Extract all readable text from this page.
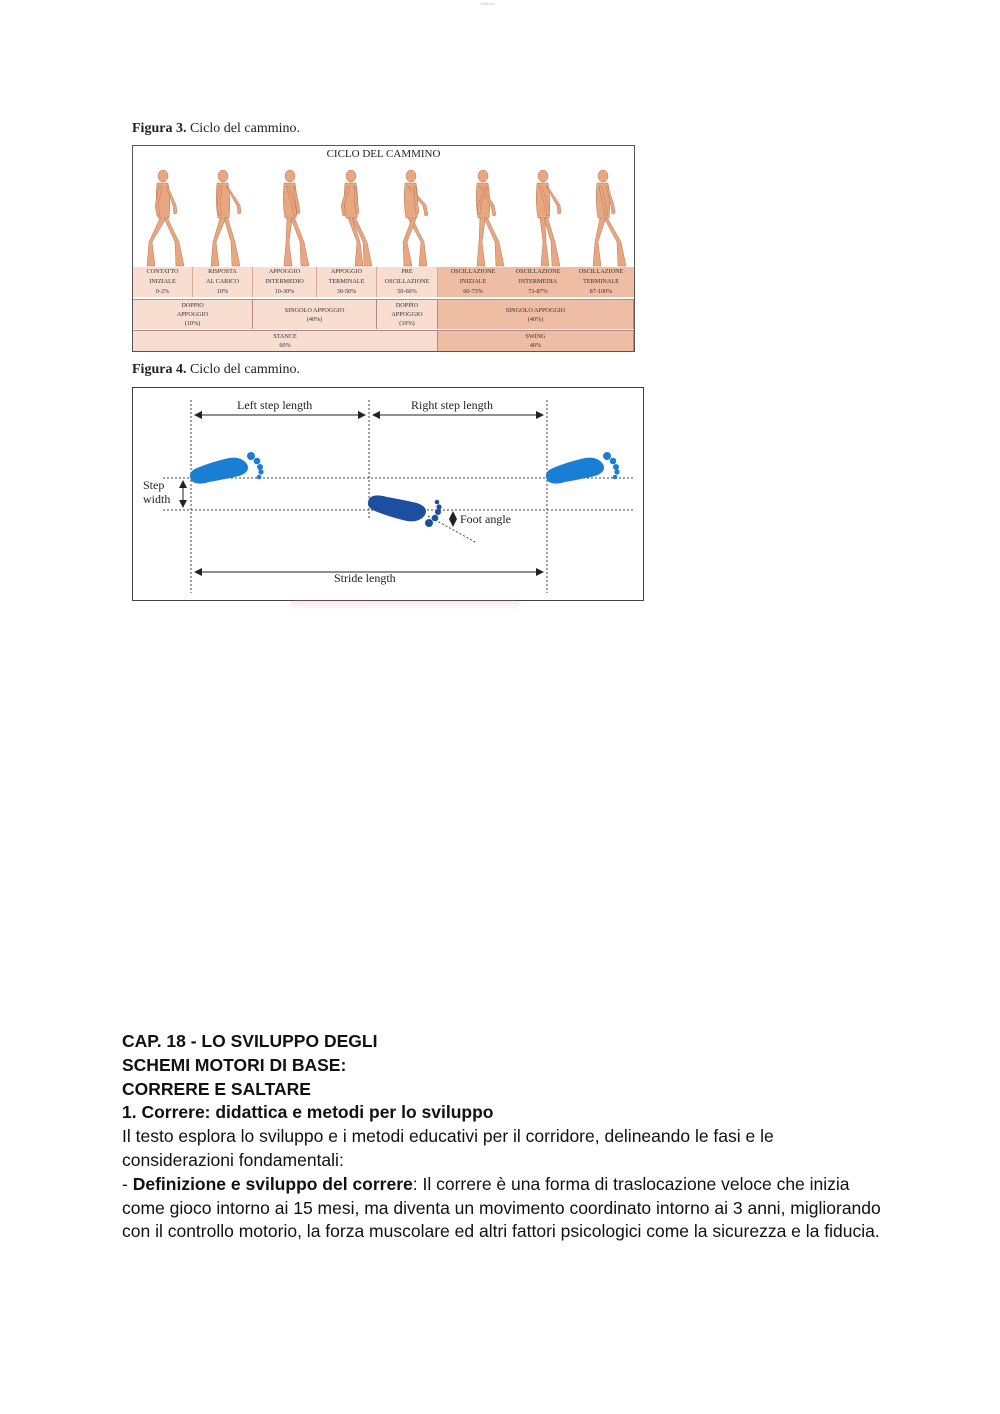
Studocu
Figura 3. Ciclo del cammino.
CICLO DEL CAMMINO
CONTATTO
INIZIALE
0-2%
RISPOSTA
AL CARICO
10%
APPOGGIO
INTERMEDIO
10-30%
APPOGGIO
TERMINALE
30-50%
PRE
OSCILLAZIONE
50-60%
OSCILLAZIONE
INIZIALE
60-73%
OSCILLAZIONE
INTERMEDIA
73-87%
OSCILLAZIONE
TERMINALE
87-100%
DOPPIO
APPOGGIO
(10%)
SINGOLO APPOGGIO
(40%)
DOPPIO
APPOGGIO
(10%)
SINGOLO APPOGGIO
(40%)
STANCE
60%
SWING
40%
Figura 4. Ciclo del cammino.
Left step length	Right step length
Step
width
Foot angle
Stride length
CAP. 18 - LO SVILUPPO DEGLI
SCHEMI MOTORI DI BASE:
CORRERE E SALTARE
1. Correre: didattica e metodi per lo sviluppo

Il testo esplora lo sviluppo e i metodi educativi per il corridore, delineando le fasi e le considerazioni fondamentali:

- Definizione e sviluppo del correre: Il correre è una forma di traslocazione veloce che inizia come gioco intorno ai 15 mesi, ma diventa un movimento coordinato intorno ai 3 anni, migliorando con il controllo motorio, la forza muscolare ed altri fattori psicologici come la sicurezza e la fiducia.
